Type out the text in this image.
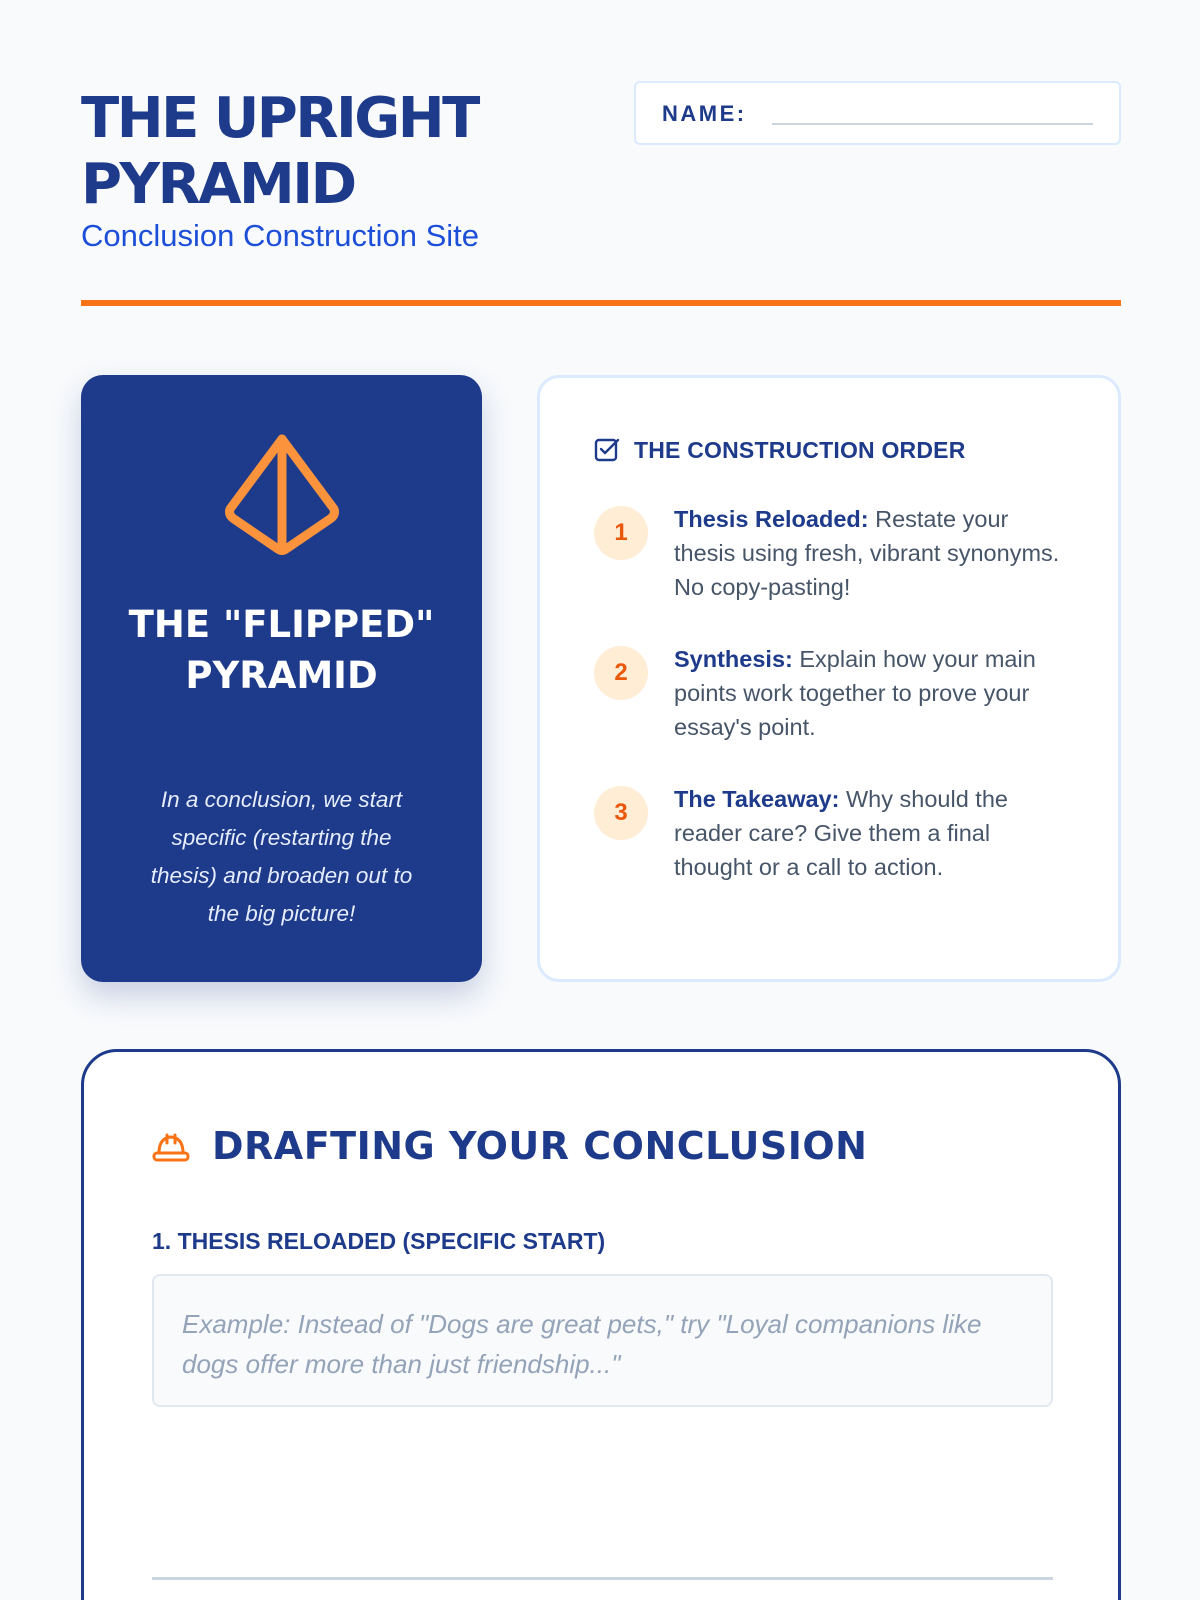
THE UPRIGHT PYRAMID
Conclusion Construction Site
NAME:
THE "FLIPPED" PYRAMID
In a conclusion, we start specific (restarting the thesis) and broaden out to the big picture!
THE CONSTRUCTION ORDER
1	Thesis Reloaded: Restate your thesis using fresh, vibrant synonyms. No copy-pasting!
2	Synthesis: Explain how your main points work together to prove your essay's point.
3	The Takeaway: Why should the reader care? Give them a final thought or a call to action.
DRAFTING YOUR CONCLUSION
1. THESIS RELOADED (SPECIFIC START)
Example: Instead of "Dogs are great pets," try "Loyal companions like dogs offer more than just friendship..."
